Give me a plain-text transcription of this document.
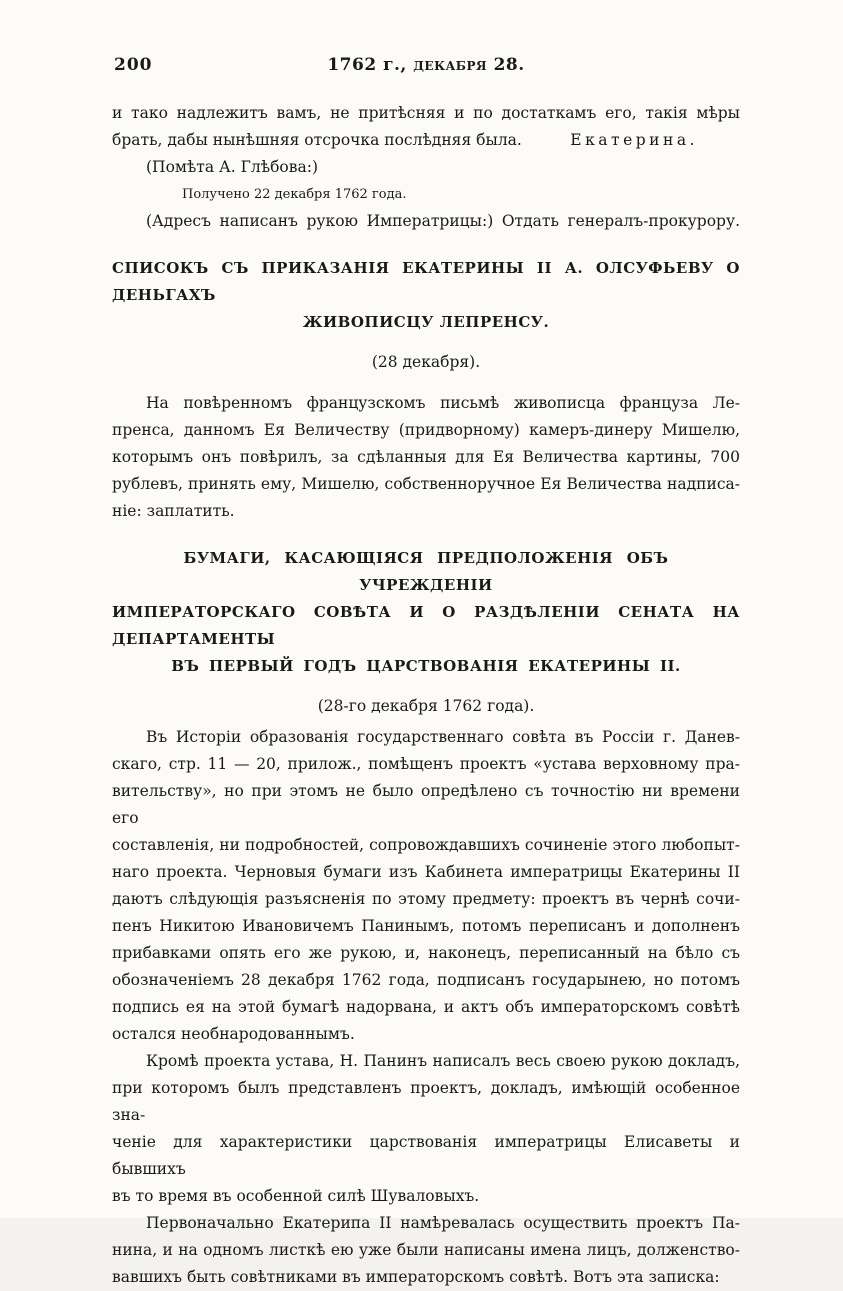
200	1762 г., декабря 28.
и тако надлежитъ вамъ, не притѣсняя и по достаткамъ его, такія мѣры
брать, дабы нынѣшняя отсрочка послѣдняя была.	Екатерина.
(Помѣта А. Глѣбова:)
Получено 22 декабря 1762 года.
(Адресъ написанъ рукою Императрицы:) Отдать генералъ-прокурору.
СПИСОКЪ СЪ ПРИКАЗАНІЯ ЕКАТЕРИНЫ II А. ОЛСУФЬЕВУ О ДЕНЬГАХЪ
ЖИВОПИСЦУ ЛЕПРЕНСУ.
(28 декабря).
На повѣренномъ французскомъ письмѣ живописца француза Ле-
пренса, данномъ Ея Величеству (придворному) камеръ-динеру Мишелю,
которымъ онъ повѣрилъ, за сдѣланныя для Ея Величества картины, 700
рублевъ, принять ему, Мишелю, собственноручное Ея Величества надписа-
ніе: заплатить.
БУМАГИ, КАСАЮЩІЯСЯ ПРЕДПОЛОЖЕНІЯ ОБЪ УЧРЕЖДЕНІИ
ИМПЕРАТОРСКАГО СОВѢТА И О РАЗДѢЛЕНІИ СЕНАТА НА ДЕПАРТАМЕНТЫ
ВЪ ПЕРВЫЙ ГОДЪ ЦАРСТВОВАНІЯ ЕКАТЕРИНЫ II.
(28-го декабря 1762 года).
Въ Исторіи образованія государственнаго совѣта въ Россіи г. Данев-
скаго, стр. 11 — 20, прилож., помѣщенъ проектъ «устава верховному пра-
вительству», но при этомъ не было опредѣлено съ точностію ни времени его
составленія, ни подробностей, сопровождавшихъ сочиненіе этого любопыт-
наго проекта. Черновыя бумаги изъ Кабинета императрицы Екатерины II
даютъ слѣдующія разъясненія по этому предмету: проектъ въ чернѣ сочи-
пенъ Никитою Ивановичемъ Панинымъ, потомъ переписанъ и дополненъ
прибавками опять его же рукою, и, наконецъ, переписанный на бѣло съ
обозначеніемъ 28 декабря 1762 года, подписанъ государынею, но потомъ
подпись ея на этой бумагѣ надорвана, и актъ объ императорскомъ совѣтѣ
остался необнародованнымъ.
Кромѣ проекта устава, Н. Панинъ написалъ весь своею рукою докладъ,
при которомъ былъ представленъ проектъ, докладъ, имѣющій особенное зна-
ченіе для характеристики царствованія императрицы Елисаветы и бывшихъ
въ то время въ особенной силѣ Шуваловыхъ.
Первоначально Екатерипа II намѣревалась осуществить проектъ Па-
нина, и на одномъ листкѣ ею уже были написаны имена лицъ, долженство-
вавшихъ быть совѣтниками въ императорскомъ совѣтѣ. Вотъ эта записка:
